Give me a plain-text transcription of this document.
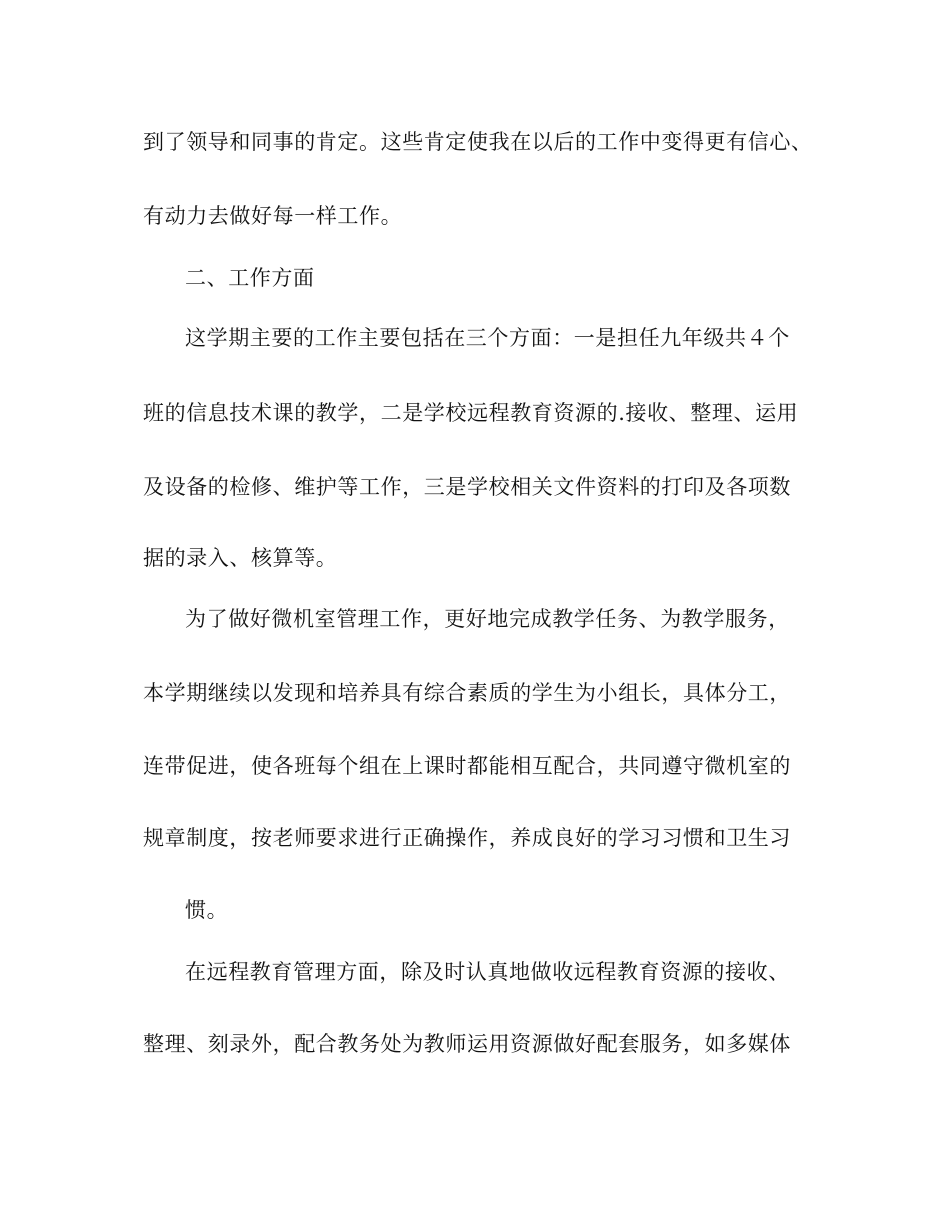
到了领导和同事的肯定。这些肯定使我在以后的工作中变得更有信心、
有动力去做好每一样工作。
二、工作方面
这学期主要的工作主要包括在三个方面：一是担任九年级共４个
班的信息技术课的教学，二是学校远程教育资源的.接收、整理、运用
及设备的检修、维护等工作，三是学校相关文件资料的打印及各项数
据的录入、核算等。
为了做好微机室管理工作，更好地完成教学任务、为教学服务，
本学期继续以发现和培养具有综合素质的学生为小组长，具体分工，
连带促进，使各班每个组在上课时都能相互配合，共同遵守微机室的
规章制度，按老师要求进行正确操作，养成良好的学习习惯和卫生习
惯。
在远程教育管理方面，除及时认真地做收远程教育资源的接收、
整理、刻录外，配合教务处为教师运用资源做好配套服务，如多媒体
